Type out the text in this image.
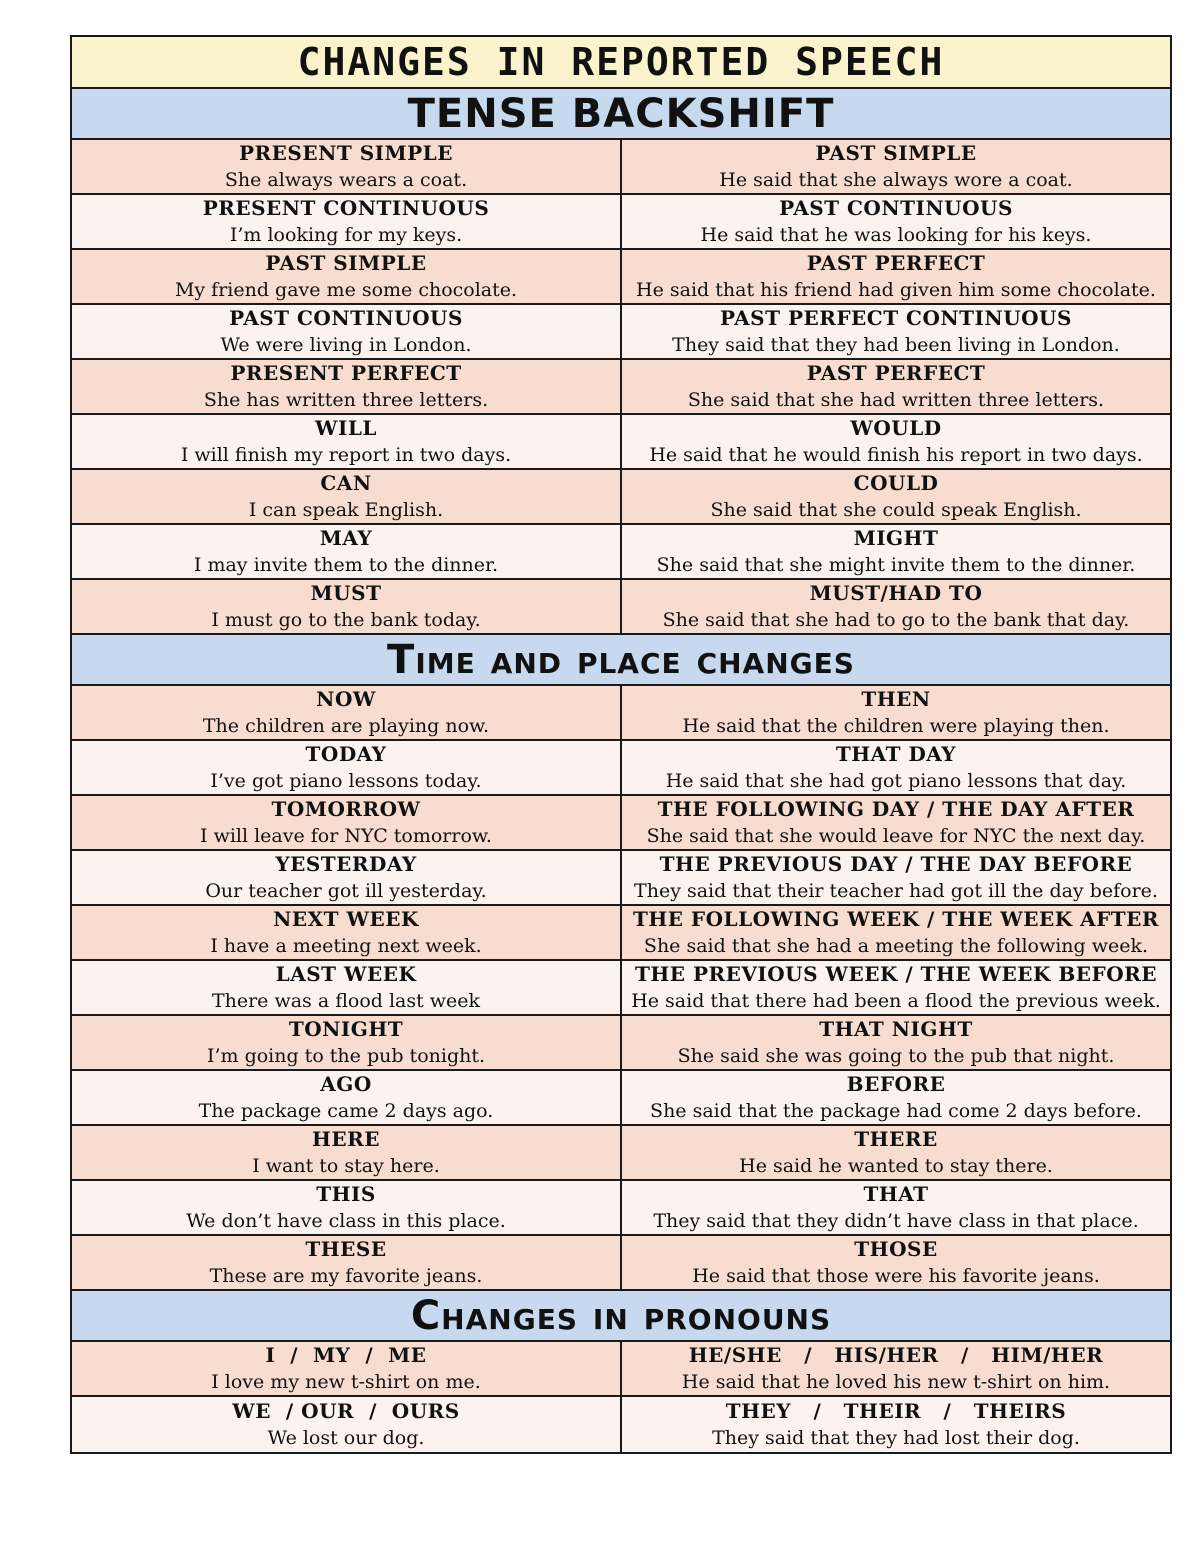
CHANGES IN REPORTED SPEECH
TENSE BACKSHIFT
PRESENT SIMPLE
She always wears a coat.
PAST SIMPLE
He said that she always wore a coat.
PRESENT CONTINUOUS
I’m looking for my keys.
PAST CONTINUOUS
He said that he was looking for his keys.
PAST SIMPLE
My friend gave me some chocolate.
PAST PERFECT
He said that his friend had given him some chocolate.
PAST CONTINUOUS
We were living in London.
PAST PERFECT CONTINUOUS
They said that they had been living in London.
PRESENT PERFECT
She has written three letters.
PAST PERFECT
She said that she had written three letters.
WILL
I will finish my report in two days.
WOULD
He said that he would finish his report in two days.
CAN
I can speak English.
COULD
She said that she could speak English.
MAY
I may invite them to the dinner.
MIGHT
She said that she might invite them to the dinner.
MUST
I must go to the bank today.
MUST/HAD TO
She said that she had to go to the bank that day.
Time and place changes
NOW
The children are playing now.
THEN
He said that the children were playing then.
TODAY
I’ve got piano lessons today.
THAT DAY
He said that she had got piano lessons that day.
TOMORROW
I will leave for NYC tomorrow.
THE FOLLOWING DAY / THE DAY AFTER
She said that she would leave for NYC the next day.
YESTERDAY
Our teacher got ill yesterday.
THE PREVIOUS DAY / THE DAY BEFORE
They said that their teacher had got ill the day before.
NEXT WEEK
I have a meeting next week.
THE FOLLOWING WEEK / THE WEEK AFTER
She said that she had a meeting the following week.
LAST WEEK
There was a flood last week
THE PREVIOUS WEEK / THE WEEK BEFORE
He said that there had been a flood the previous week.
TONIGHT
I’m going to the pub tonight.
THAT NIGHT
She said she was going to the pub that night.
AGO
The package came 2 days ago.
BEFORE
She said that the package had come 2 days before.
HERE
I want to stay here.
THERE
He said he wanted to stay there.
THIS
We don’t have class in this place.
THAT
They said that they didn’t have class in that place.
THESE
These are my favorite jeans.
THOSE
He said that those were his favorite jeans.
Changes in pronouns
I  /  MY  /  ME
I love my new t-shirt on me.
HE/SHE   /   HIS/HER   /   HIM/HER
He said that he loved his new t-shirt on him.
WE  / OUR  /  OURS
We lost our dog.
THEY   /   THEIR   /   THEIRS
They said that they had lost their dog.
